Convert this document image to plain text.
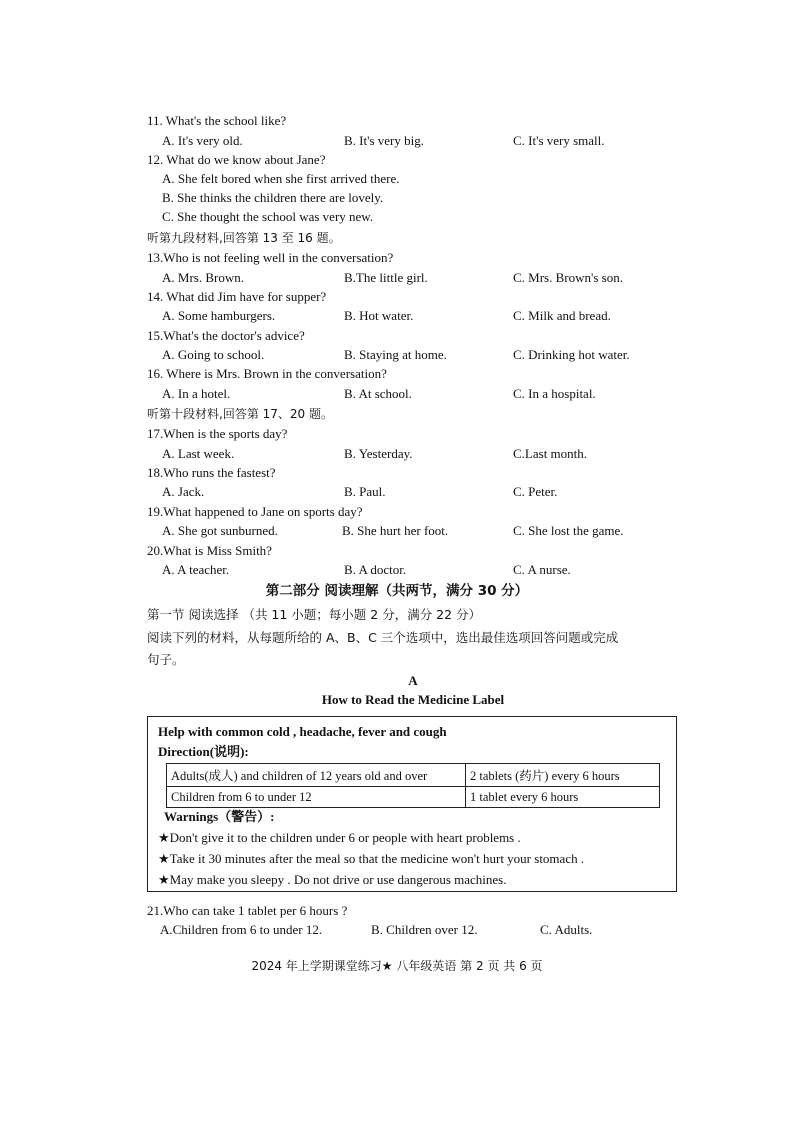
11. What's the school like?
A. It's very old.	B. It's very big.	C. It's very small.
12. What do we know about Jane?
A. She felt bored when she first arrived there.
B. She thinks the children there are lovely.
C. She thought the school was very new.
听第九段材料,回答第 13 至 16 题。
13.Who is not feeling well in the conversation?
A. Mrs. Brown.	B.The little girl.	C. Mrs. Brown's son.
14. What did Jim have for supper?
A. Some hamburgers.	B. Hot water.	C. Milk and bread.
15.What's the doctor's advice?
A. Going to school.	B. Staying at home.	C. Drinking hot water.
16. Where is Mrs. Brown in the conversation?
A. In a hotel.	B. At school.	C. In a hospital.
听第十段材料,回答第 17、20 题。
17.When is the sports day?
A. Last week.	B. Yesterday.	C.Last month.
18.Who runs the fastest?
A. Jack.	B. Paul.	C. Peter.
19.What happened to Jane on sports day?
A. She got sunburned.	B. She hurt her foot.	C. She lost the game.
20.What is Miss Smith?
A. A teacher.	B. A doctor.	C. A nurse.
第二部分 阅读理解（共两节，满分 30 分）
第一节 阅读选择 （共 11 小题；每小题 2 分，满分 22 分）
阅读下列的材料，从每题所给的 A、B、C 三个选项中，选出最佳选项回答问题或完成
句子。
A
How to Read the Medicine Label
Help with common cold , headache, fever and cough
Direction(说明):
Adults(成人) and children of 12 years old and over	2 tablets (药片) every 6 hours
Children from 6 to under 12	1 tablet every 6 hours
Warnings（警告）:
★Don't give it to the children under 6 or people with heart problems .
★Take it 30 minutes after the meal so that the medicine won't hurt your stomach .
★May make you sleepy . Do not drive or use dangerous machines.
21.Who can take 1 tablet per 6 hours ?
A.Children from 6 to under 12.	B. Children over 12.	C. Adults.
2024 年上学期课堂练习★ 八年级英语 第 2 页 共 6 页
